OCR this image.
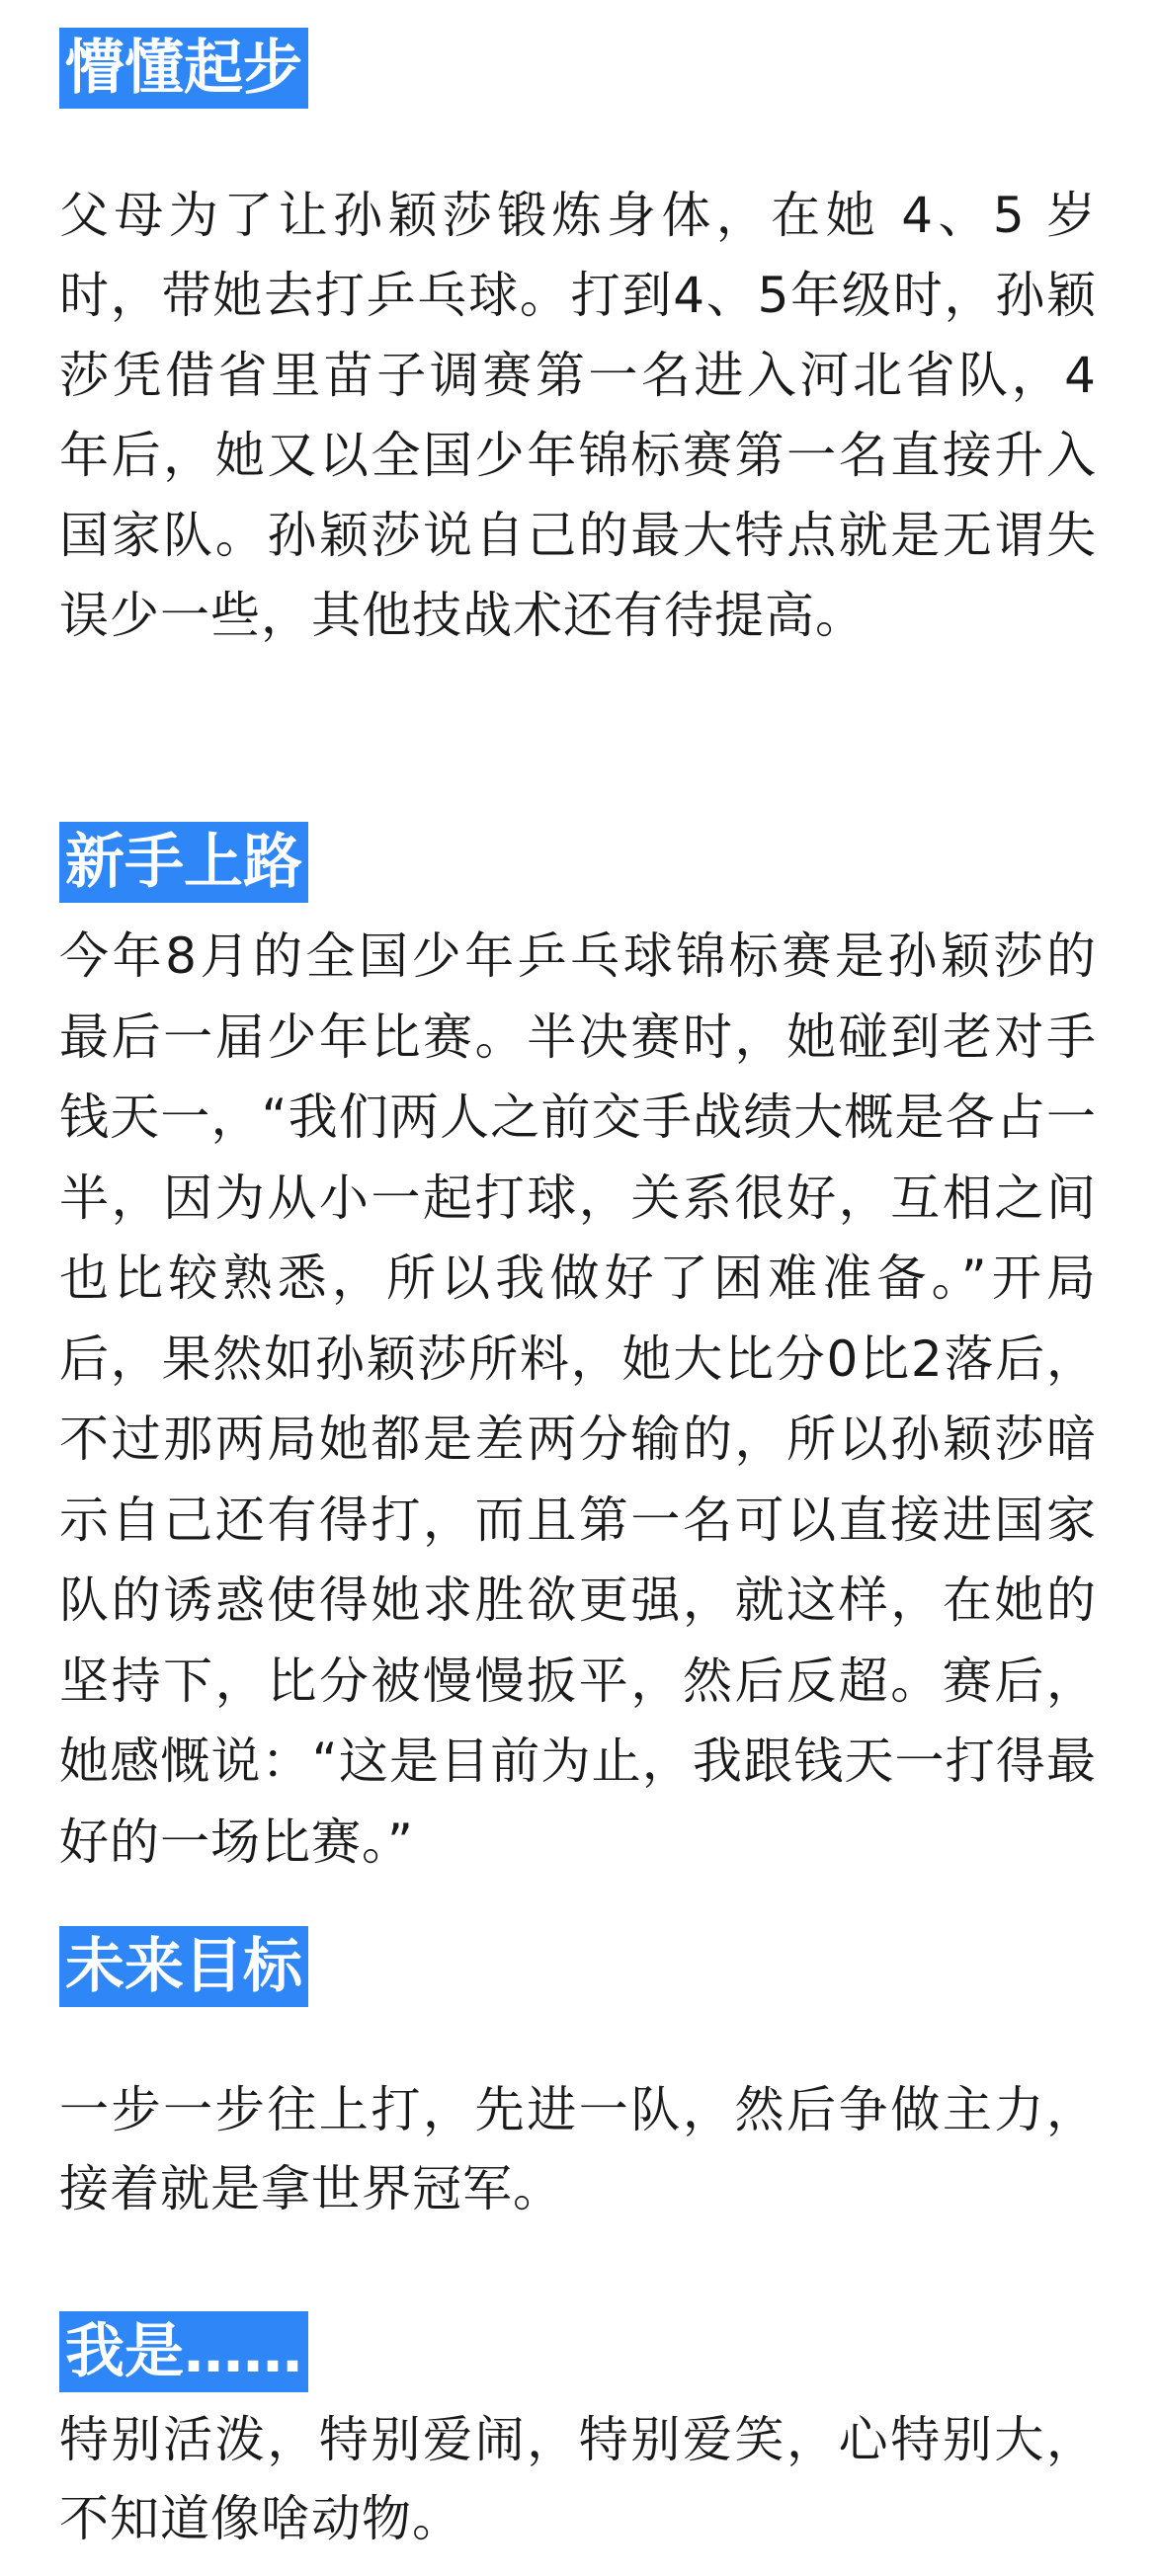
懵懂起步
父母为了让孙颖莎锻炼身体，在她 4、5 岁时，带她去打乒乓球。打到4、5年级时，孙颖莎凭借省里苗子调赛第一名进入河北省队，4年后，她又以全国少年锦标赛第一名直接升入国家队。孙颖莎说自己的最大特点就是无谓失误少一些，其他技战术还有待提高。
新手上路
今年8月的全国少年乒乓球锦标赛是孙颖莎的最后一届少年比赛。半决赛时，她碰到老对手钱天一，“我们两人之前交手战绩大概是各占一半，因为从小一起打球，关系很好，互相之间也比较熟悉，所以我做好了困难准备。”开局后，果然如孙颖莎所料，她大比分0比2落后，不过那两局她都是差两分输的，所以孙颖莎暗示自己还有得打，而且第一名可以直接进国家队的诱惑使得她求胜欲更强，就这样，在她的坚持下，比分被慢慢扳平，然后反超。赛后，她感慨说：“这是目前为止，我跟钱天一打得最好的一场比赛。”
未来目标
一步一步往上打，先进一队，然后争做主力，接着就是拿世界冠军。
我是……
特别活泼，特别爱闹，特别爱笑，心特别大，不知道像啥动物。
